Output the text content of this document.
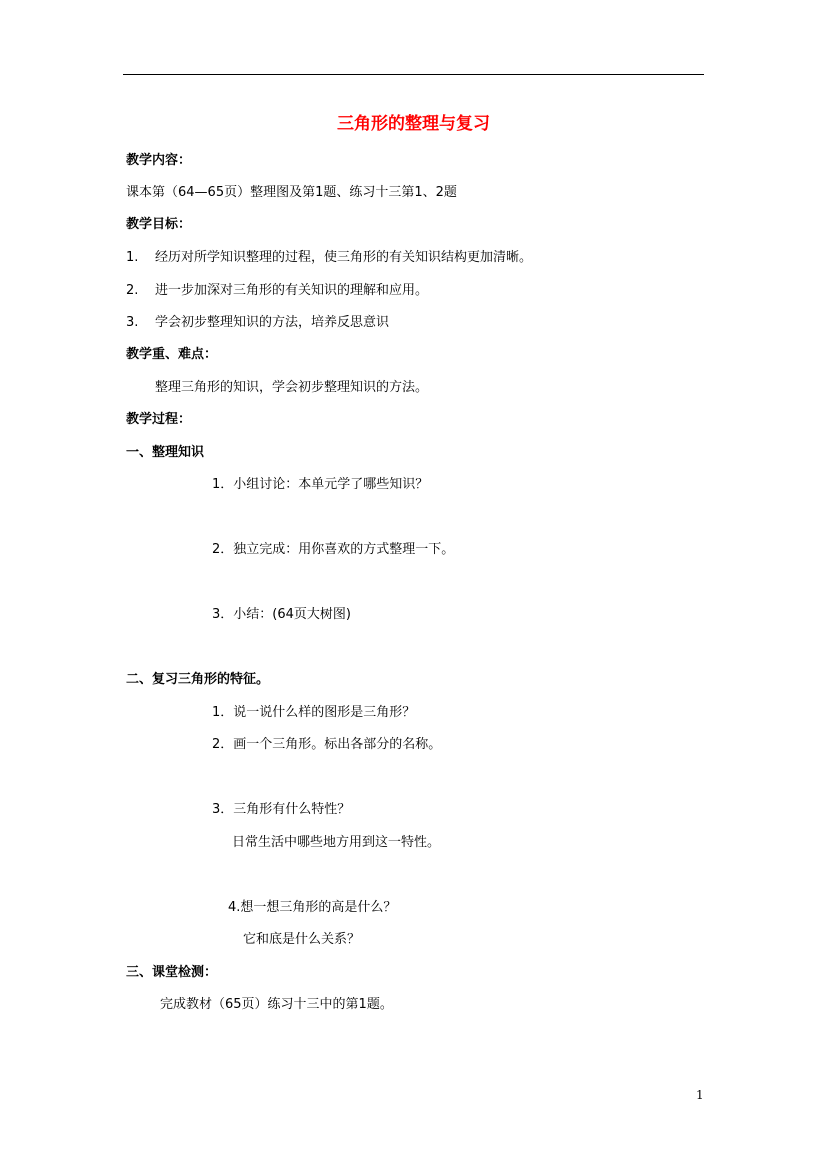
三角形的整理与复习
教学内容：
课本第（64—65页）整理图及第1题、练习十三第1、2题
教学目标：
1. 经历对所学知识整理的过程，使三角形的有关知识结构更加清晰。
2. 进一步加深对三角形的有关知识的理解和应用。
3. 学会初步整理知识的方法，培养反思意识
教学重、难点：
整理三角形的知识，学会初步整理知识的方法。
教学过程：
一、整理知识
1．小组讨论：本单元学了哪些知识？
2．独立完成：用你喜欢的方式整理一下。
3．小结：(64页大树图)
二、复习三角形的特征。
1．说一说什么样的图形是三角形？
2．画一个三角形。标出各部分的名称。
3．三角形有什么特性？
日常生活中哪些地方用到这一特性。
4.想一想三角形的高是什么？
它和底是什么关系？
三、课堂检测：
完成教材（65页）练习十三中的第1题。
1
